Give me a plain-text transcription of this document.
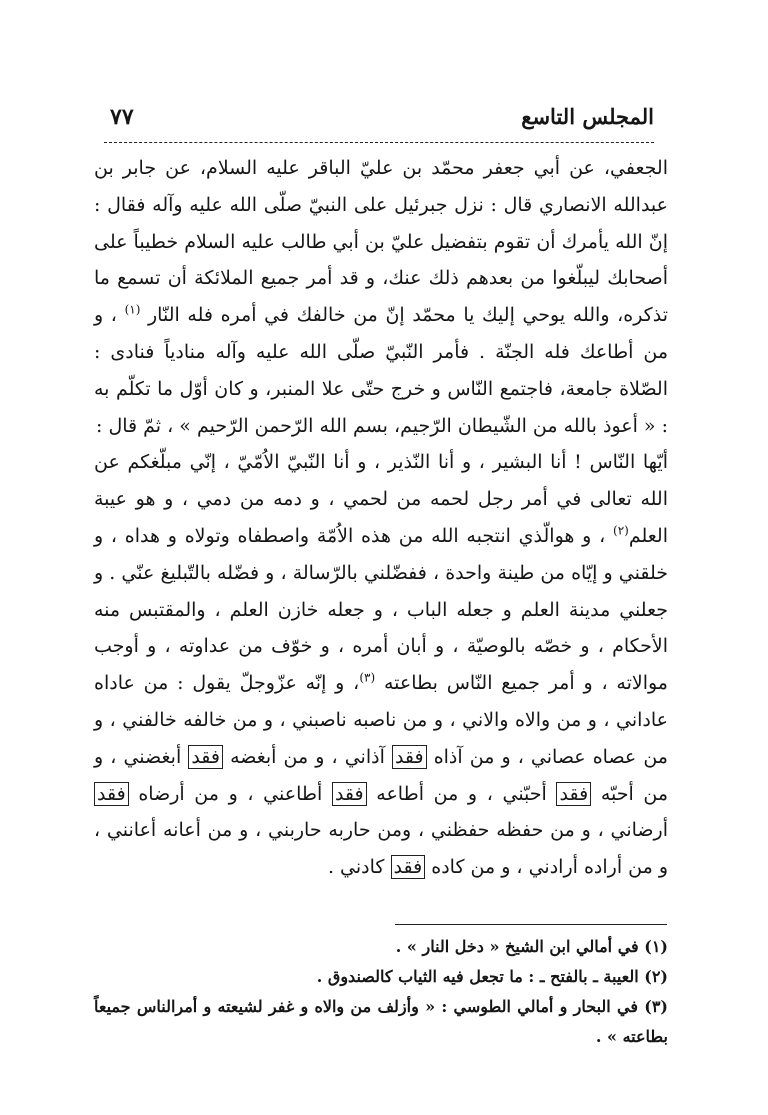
المجلس التاسع
٧٧

الجعفي، عن أبي جعفر محمّد بن عليّ الباقر عليه السلام، عن جابر بن عبدالله الانصاري قال : نزل جبرئيل على النبيّ صلّى الله عليه وآله فقال : إنّ الله يأمرك أن تقوم بتفضيل عليّ بن أبي طالب عليه السلام خطيباً على أصحابك ليبلّغوا من بعدهم ذلك عنك، و قد أمر جميع الملائكة أن تسمع ما تذكره، والله يوحي إليك يا محمّد إنّ من خالفك في أمره فله النّار $^{(١)}$ ، و من أطاعك فله الجنّة . فأمر النّبيّ صلّى الله عليه وآله منادياً فنادى : الصّلاة جامعة، فاجتمع النّاس و خرج حتّى علا المنبر، و كان أوّل ما تكلّم به : « أعوذ بالله من الشّيطان الرّجيم، بسم الله الرّحمن الرّحيم » ، ثمّ قال :

أيّها النّاس ! أنا البشير ، و أنا النّذير ، و أنا النّبيّ الاُمّيّ ، إنّي مبلّغكم عن الله تعالى في أمر رجل لحمه من لحمي ، و دمه من دمي ، و هو عيبة العلم$^{(٢)}$ ، و هوالّذي انتجبه الله من هذه الاُمّة واصطفاه وتولاه و هداه ، و خلقني و إيّاه من طينة واحدة ، ففضّلني بالرّسالة ، و فضّله بالتّبليغ عنّي . و جعلني مدينة العلم و جعله الباب ، و جعله خازن العلم ، والمقتبس منه الأحكام ، و خصّه بالوصيّة ، و أبان أمره ، و خوّف من عداوته ، و أوجب موالاته ، و أمر جميع النّاس بطاعته $^{(٣)}$، و إنّه عزّوجلّ يقول : من عاداه عاداني ، و من والاه والاني ، و من ناصبه ناصبني ، و من خالفه خالفني ، و من عصاه عصاني ، و من آذاه فقد آذاني ، و من أبغضه فقد أبغضني ، و من أحبّه فقد أحبّني ، و من أطاعه فقد أطاعني ، و من أرضاه فقد أرضاني ، و من حفظه حفظني ، ومن حاربه حاربني ، و من أعانه أعانني ، و من أراده أرادني ، و من كاده فقد كادني .

(١) في أمالي ابن الشيخ « دخل النار » .

(٢) العيبة ـ بالفتح ـ : ما تجعل فيه الثياب كالصندوق .

(٣) في البحار و أمالي الطوسي : « وأزلف من والاه و غفر لشيعته و أمرالناس جميعاً بطاعته » .
